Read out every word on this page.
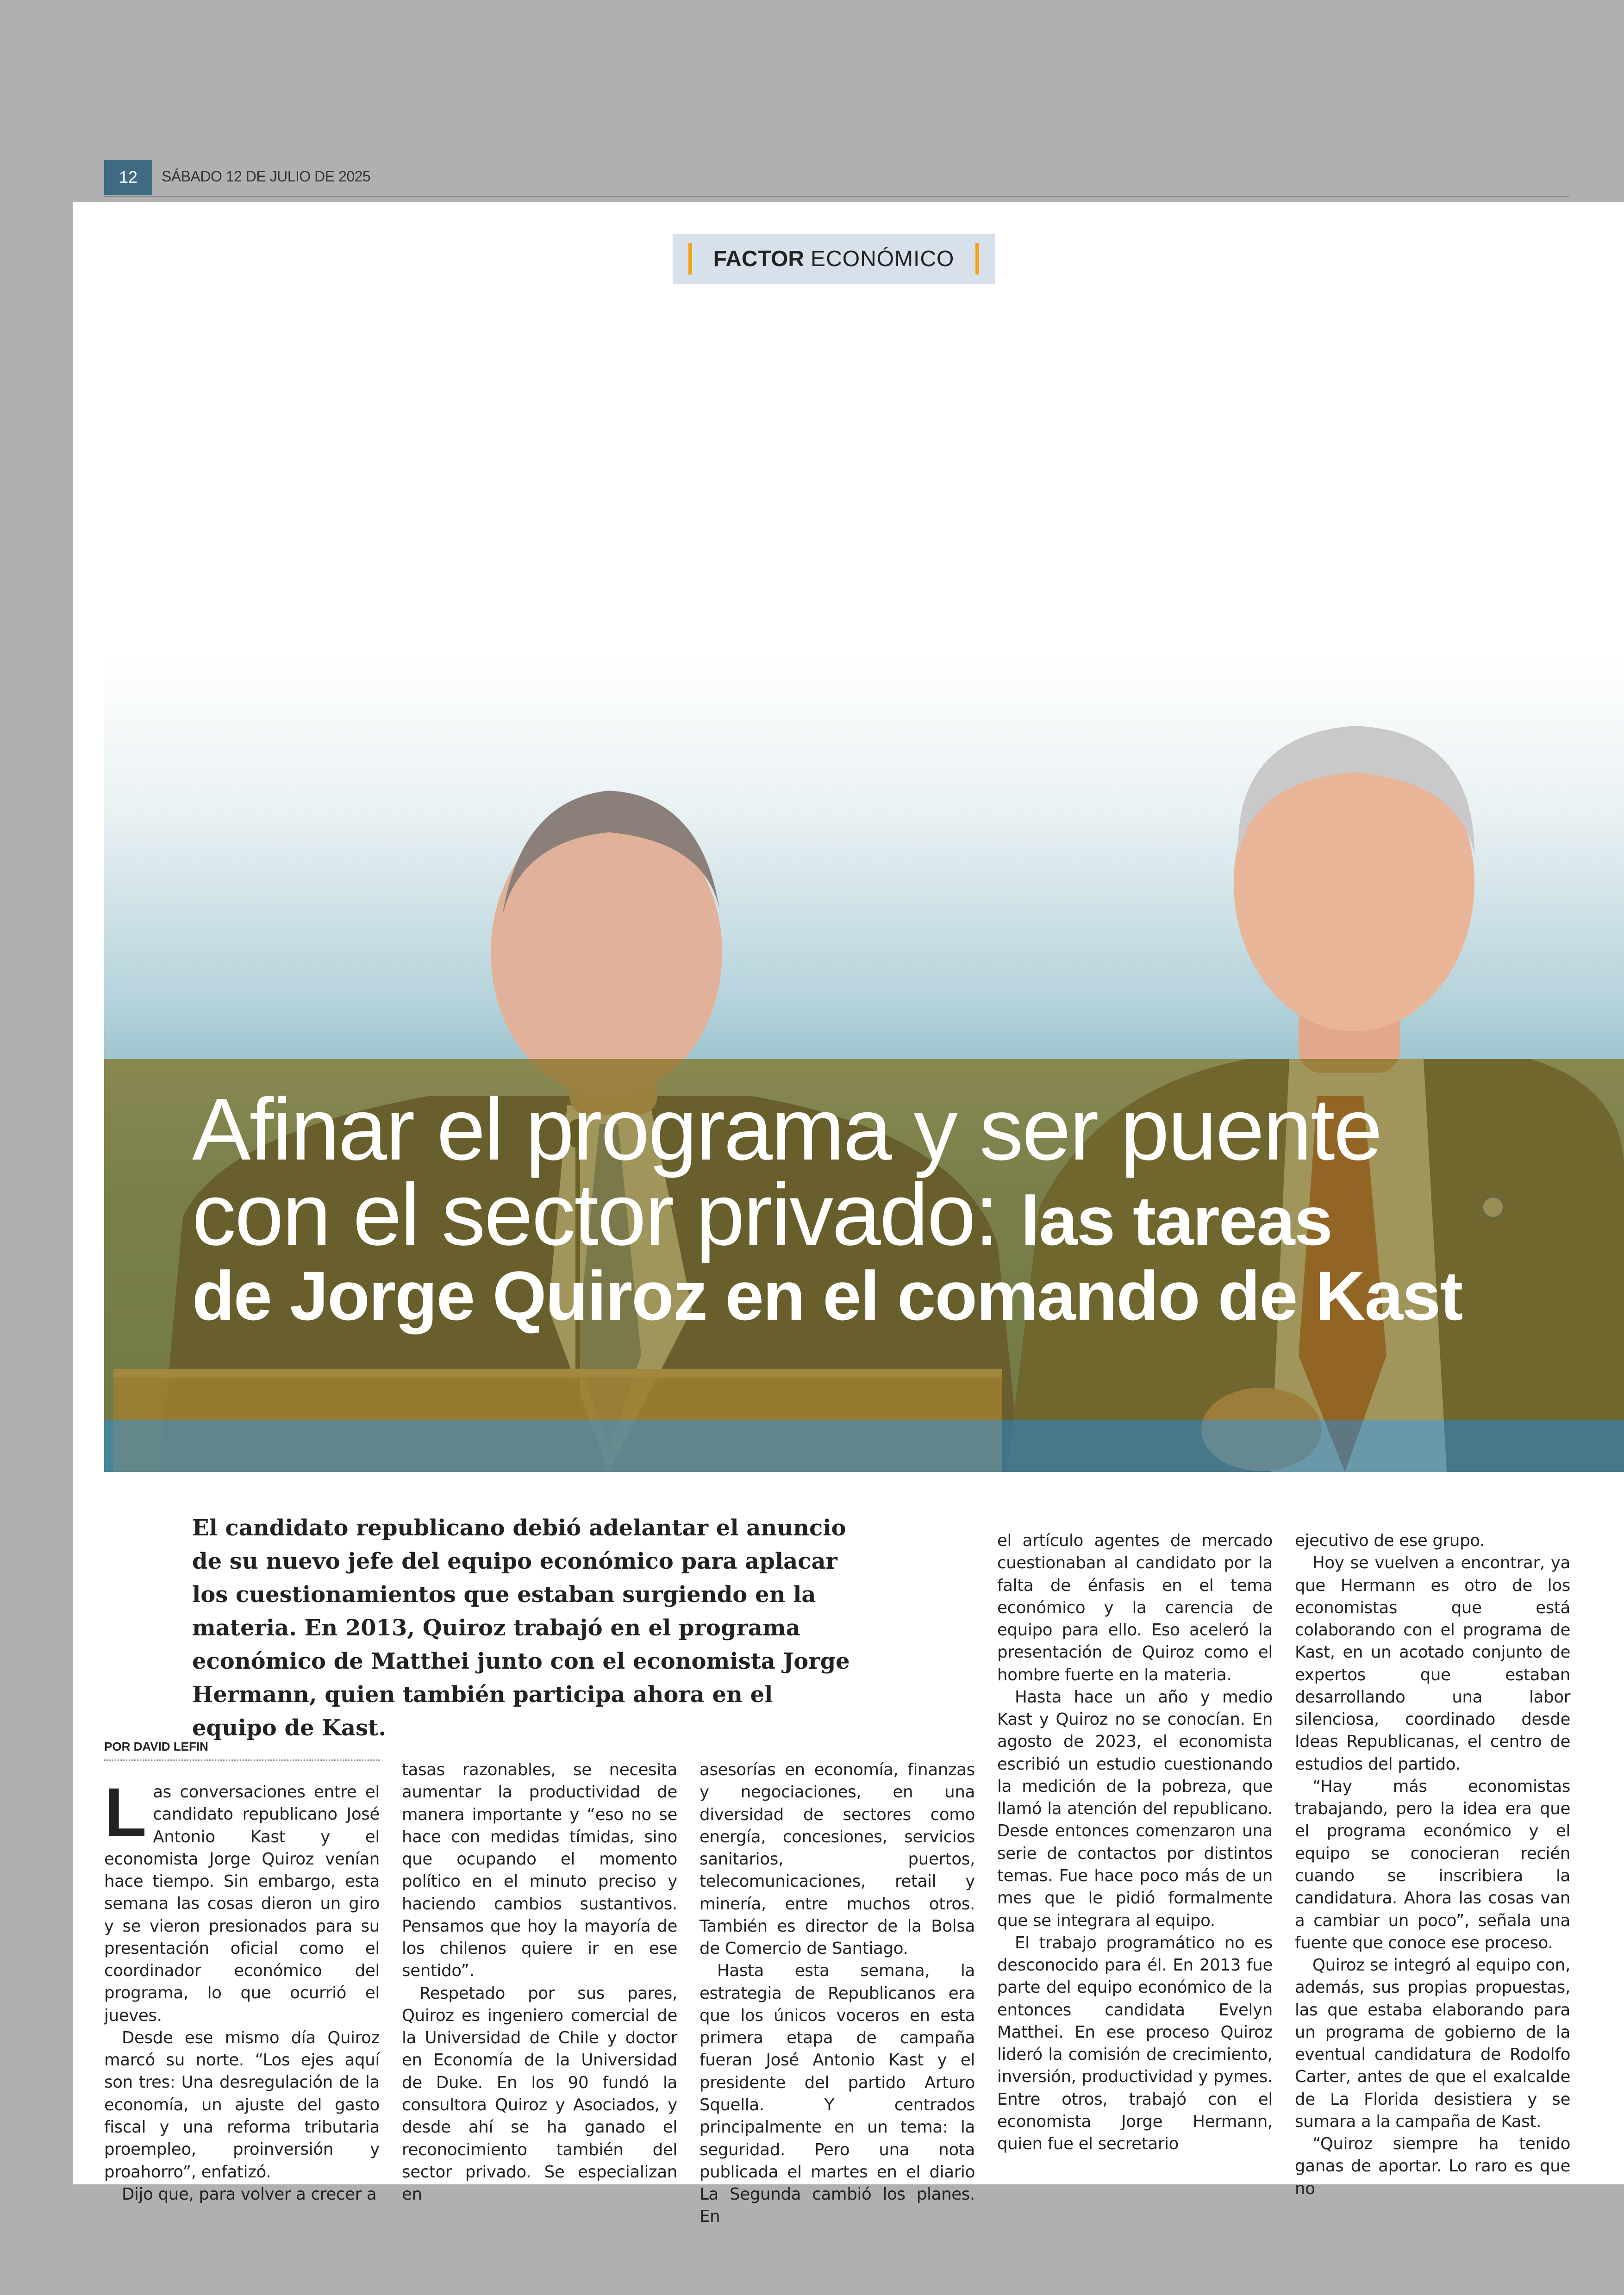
12	SÁBADO 12 DE JULIO DE 2025
FACTOR ECONÓMICO
Afinar el programa y ser puente
con el sector privado: las tareas
de Jorge Quiroz en el comando de Kast
El candidato republicano debió adelantar el anuncio de su nuevo jefe del equipo económico para aplacar los cuestionamientos que estaban surgiendo en la materia. En 2013, Quiroz trabajó en el programa económico de Matthei junto con el economista Jorge Hermann, quien también participa ahora en el equipo de Kast.
POR DAVID LEFIN
L as conversaciones entre el candidato republicano José Antonio Kast y el economista Jorge Quiroz venían hace tiempo. Sin embargo, esta semana las cosas dieron un giro y se vieron presionados para su presentación oficial como el coordinador económico del programa, lo que ocurrió el jueves.

Desde ese mismo día Quiroz marcó su norte. “Los ejes aquí son tres: Una desregulación de la economía, un ajuste del gasto fiscal y una reforma tributaria proempleo, proinversión y proahorro”, enfatizó.

Dijo que, para volver a crecer a

tasas razonables, se necesita aumentar la productividad de manera importante y “eso no se hace con medidas tímidas, sino que ocupando el momento político en el minuto preciso y haciendo cambios sustantivos. Pensamos que hoy la mayoría de los chilenos quiere ir en ese sentido”.

Respetado por sus pares, Quiroz es ingeniero comercial de la Universidad de Chile y doctor en Economía de la Universidad de Duke. En los 90 fundó la consultora Quiroz y Asociados, y desde ahí se ha ganado el reconocimiento también del sector privado. Se especializan en

asesorías en economía, finanzas y negociaciones, en una diversidad de sectores como energía, concesiones, servicios sanitarios, puertos, telecomunicaciones, retail y minería, entre muchos otros. También es director de la Bolsa de Comercio de Santiago.

Hasta esta semana, la estrategia de Republicanos era que los únicos voceros en esta primera etapa de campaña fueran José Antonio Kast y el presidente del partido Arturo Squella. Y centrados principalmente en un tema: la seguridad. Pero una nota publicada el martes en el diario La Segunda cambió los planes. En

el artículo agentes de mercado cuestionaban al candidato por la falta de énfasis en el tema económico y la carencia de equipo para ello. Eso aceleró la presentación de Quiroz como el hombre fuerte en la materia.

Hasta hace un año y medio Kast y Quiroz no se conocían. En agosto de 2023, el economista escribió un estudio cuestionando la medición de la pobreza, que llamó la atención del republicano. Desde entonces comenzaron una serie de contactos por distintos temas. Fue hace poco más de un mes que le pidió formalmente que se integrara al equipo.

El trabajo programático no es desconocido para él. En 2013 fue parte del equipo económico de la entonces candidata Evelyn Matthei. En ese proceso Quiroz lideró la comisión de crecimiento, inversión, productividad y pymes. Entre otros, trabajó con el economista Jorge Hermann, quien fue el secretario

ejecutivo de ese grupo.

Hoy se vuelven a encontrar, ya que Hermann es otro de los economistas que está colaborando con el programa de Kast, en un acotado conjunto de expertos que estaban desarrollando una labor silenciosa, coordinado desde Ideas Republicanas, el centro de estudios del partido.

“Hay más economistas trabajando, pero la idea era que el programa económico y el equipo se conocieran recién cuando se inscribiera la candidatura. Ahora las cosas van a cambiar un poco”, señala una fuente que conoce ese proceso.

Quiroz se integró al equipo con, además, sus propias propuestas, las que estaba elaborando para un programa de gobierno de la eventual candidatura de Rodolfo Carter, antes de que el exalcalde de La Florida desistiera y se sumara a la campaña de Kast.

“Quiroz siempre ha tenido ganas de aportar. Lo raro es que no
